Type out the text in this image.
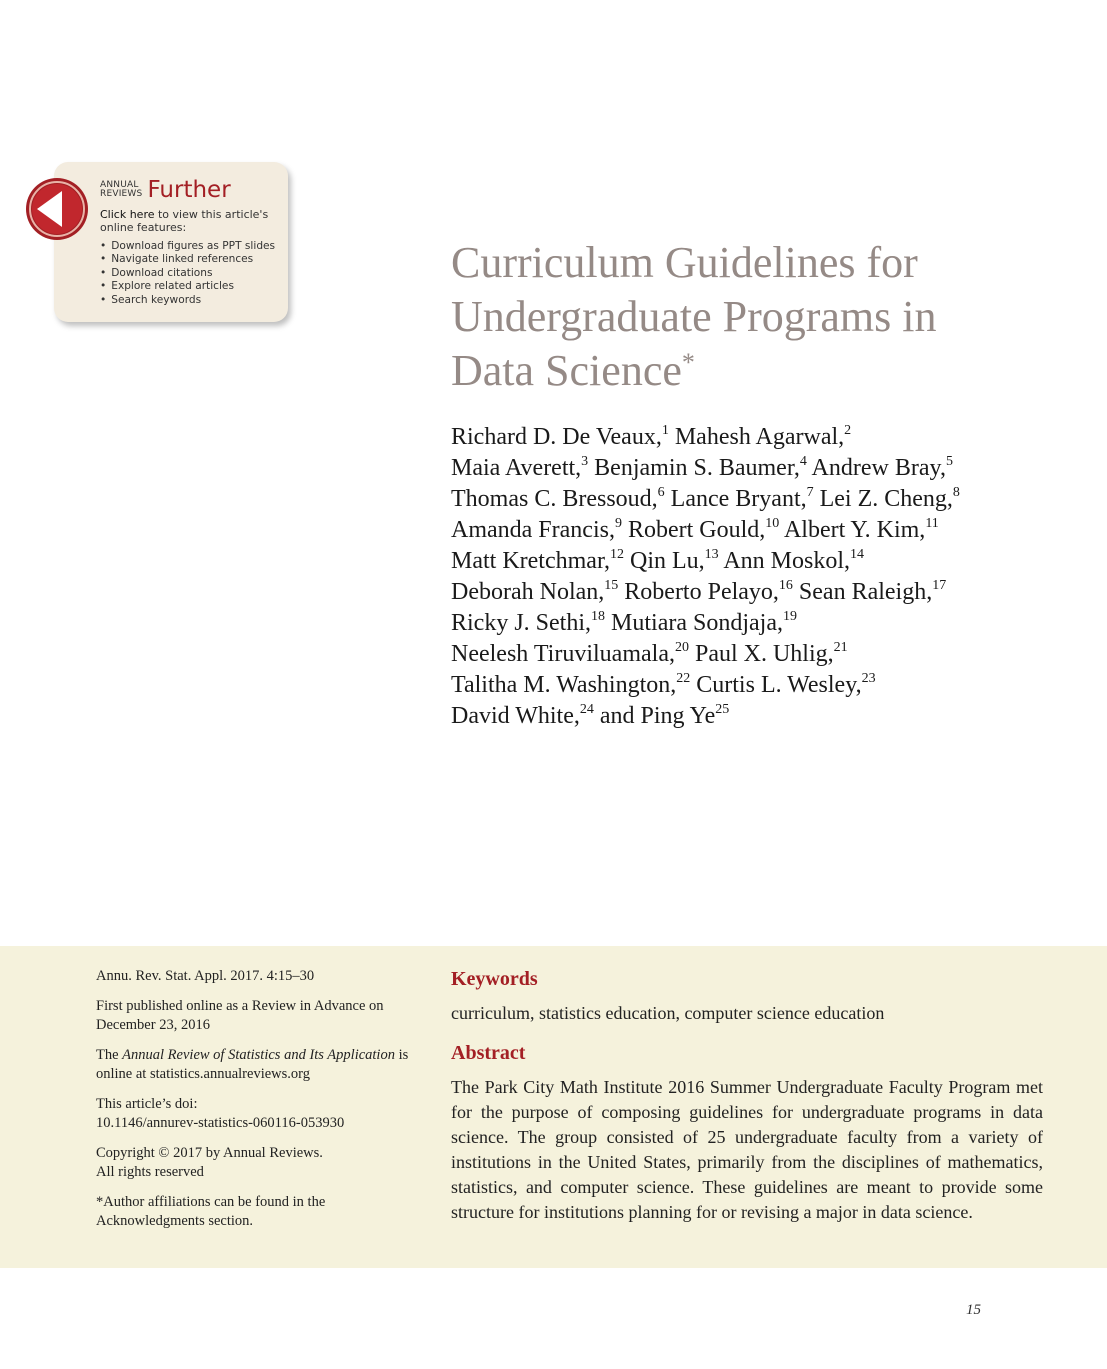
ANNUAL
REVIEWS Further
Click here to view this article's online features:
• Download figures as PPT slides
• Navigate linked references
• Download citations
• Explore related articles
• Search keywords
Curriculum Guidelines for
Undergraduate Programs in
Data Science*
Richard D. De Veaux,$^1$ Mahesh Agarwal,$^2$
Maia Averett,$^3$ Benjamin S. Baumer,$^4$ Andrew Bray,$^5$
Thomas C. Bressoud,$^6$ Lance Bryant,$^7$ Lei Z. Cheng,$^8$
Amanda Francis,$^9$ Robert Gould,$^{10}$ Albert Y. Kim,$^{11}$
Matt Kretchmar,$^{12}$ Qin Lu,$^{13}$ Ann Moskol,$^{14}$
Deborah Nolan,$^{15}$ Roberto Pelayo,$^{16}$ Sean Raleigh,$^{17}$
Ricky J. Sethi,$^{18}$ Mutiara Sondjaja,$^{19}$
Neelesh Tiruviluamala,$^{20}$ Paul X. Uhlig,$^{21}$
Talitha M. Washington,$^{22}$ Curtis L. Wesley,$^{23}$
David White,$^{24}$ and Ping Ye$^{25}$

Annu. Rev. Stat. Appl. 2017. 4:15–30

First published online as a Review in Advance on December 23, 2016

The Annual Review of Statistics and Its Application is online at statistics.annualreviews.org

This article’s doi:
10.1146/annurev-statistics-060116-053930

Copyright © 2017 by Annual Reviews.
All rights reserved

*Author affiliations can be found in the Acknowledgments section.

Keywords
curriculum, statistics education, computer science education
Abstract
The Park City Math Institute 2016 Summer Undergraduate Faculty Program met for the purpose of composing guidelines for undergraduate programs in data science. The group consisted of 25 undergraduate faculty from a variety of institutions in the United States, primarily from the disciplines of mathematics, statistics, and computer science. These guidelines are meant to provide some structure for institutions planning for or revising a major in data science.
15
